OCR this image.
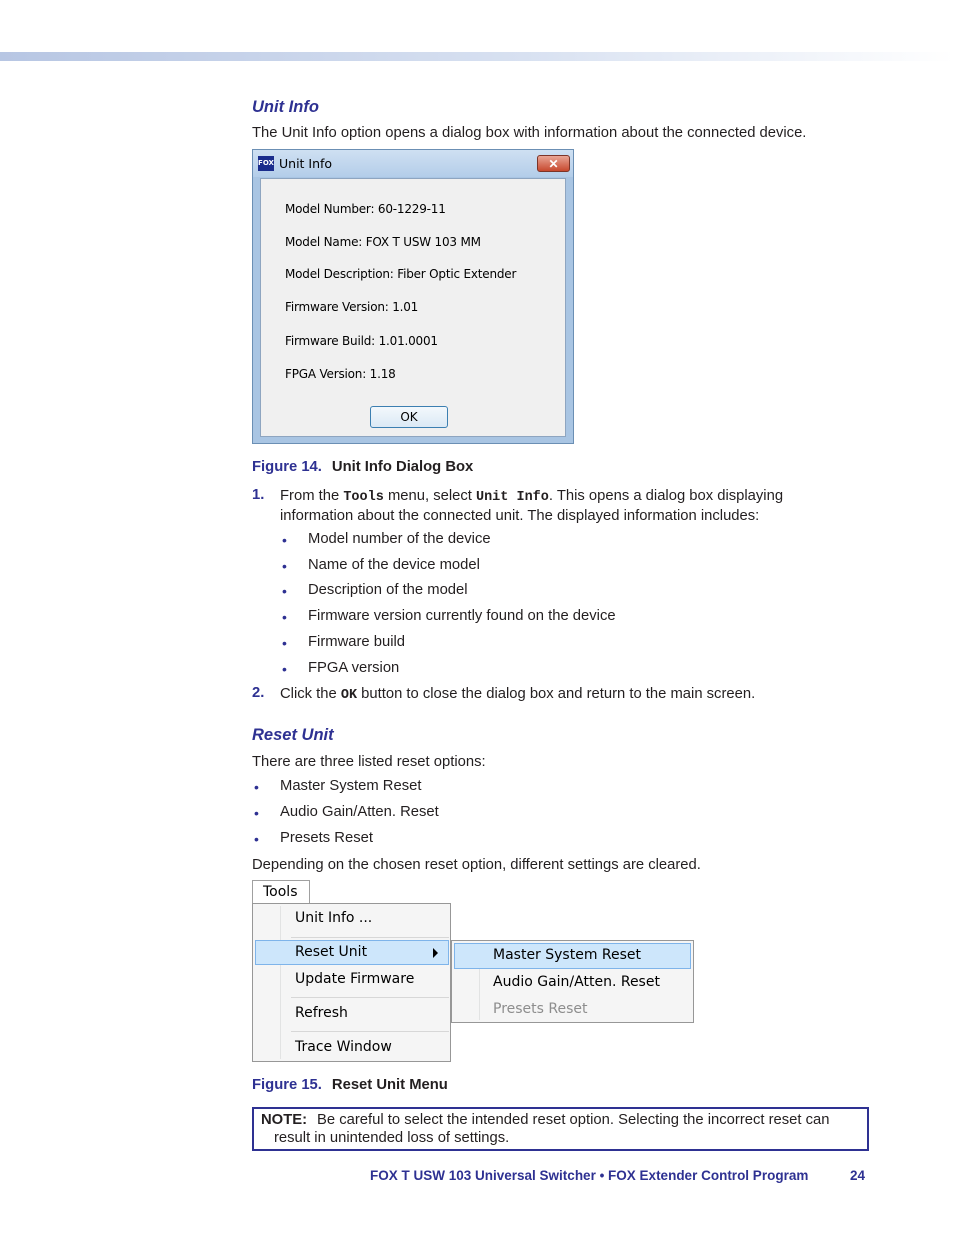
Unit Info

The Unit Info option opens a dialog box with information about the connected device.

FOX Unit Info	✕
Model Number: 60-1229-11
Model Name: FOX T USW 103 MM
Model Description: Fiber Optic Extender
Firmware Version: 1.01
Firmware Build: 1.01.0001
FPGA Version: 1.18
OK
Figure 14. Unit Info Dialog Box
1. From the Tools menu, select Unit Info. This opens a dialog box displaying
information about the connected unit. The displayed information includes:
• Model number of the device
• Name of the device model
• Description of the model
• Firmware version currently found on the device
• Firmware build
• FPGA version
2. Click the OK button to close the dialog box and return to the main screen.
Reset Unit

There are three listed reset options:

• Master System Reset
• Audio Gain/Atten. Reset
• Presets Reset

Depending on the chosen reset option, different settings are cleared.

Tools
Unit Info ...
Reset Unit
Update Firmware
Refresh
Trace Window
Master System Reset
Audio Gain/Atten. Reset
Presets Reset
Figure 15. Reset Unit Menu
NOTE: Be careful to select the intended reset option. Selecting the incorrect reset can
result in unintended loss of settings.
FOX T USW 103 Universal Switcher • FOX Extender Control Program	24
